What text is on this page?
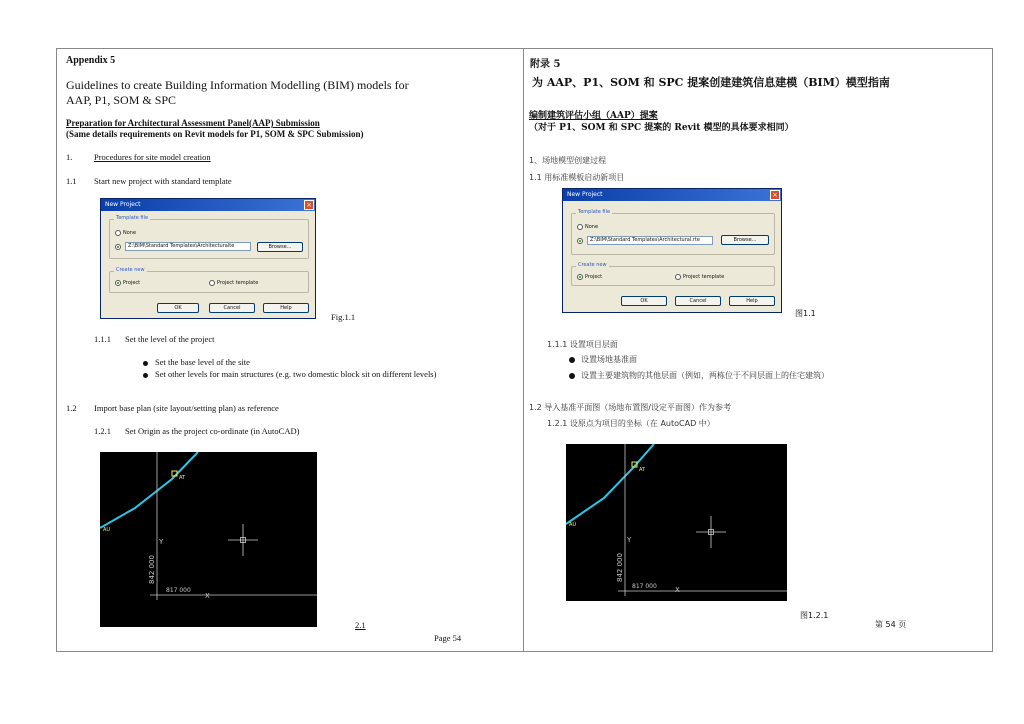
Appendix 5
Guidelines to create Building Information Modelling (BIM) models for
AAP, P1, SOM & SPC
Preparation for Architectural Assessment Panel(AAP) Submission
(Same details requirements on Revit models for P1, SOM & SPC Submission)
1.	Procedures for site model creation
1.1 Start new project with standard template
New Project	×
Template file
None
Z:\BIM\Standard Templates\Architecturalte	Browse...
Create new
Project	Project template
OK	Cancel	Help
Fig.1.1
1.1.1 Set the level of the project
Set the base level of the site
Set other levels for main structures (e.g. two domestic block sit on different levels)
1.2 Import base plan (site layout/setting plan) as reference
1.2.1 Set Origin as the project co-ordinate (in AutoCAD)
AT
AU
Y
X
842 000
817 000
2.1
Page 54
附录 5
为 AAP、P1、SOM 和 SPC 提案创建建筑信息建模（BIM）模型指南
编制建筑评估小组（AAP）提案
（对于 P1、SOM 和 SPC 提案的 Revit 模型的具体要求相同）
1、场地模型创建过程
1.1 用标准模板启动新项目
New Project	×
Template file
None
Z:\BIM\Standard Templates\Architectural.rte	Browse...
Create new
Project	Project template
OK	Cancel	Help
图1.1
1.1.1 设置项目层面
设置场地基准面
设置主要建筑物的其他层面（例如，两栋位于不同层面上的住宅建筑）
1.2 导入基准平面图（场地布置图/设定平面图）作为参考
1.2.1 设原点为项目的坐标（在 AutoCAD 中）
AT
AU
Y
X
842 000
817 000
图1.2.1
第 54 页
